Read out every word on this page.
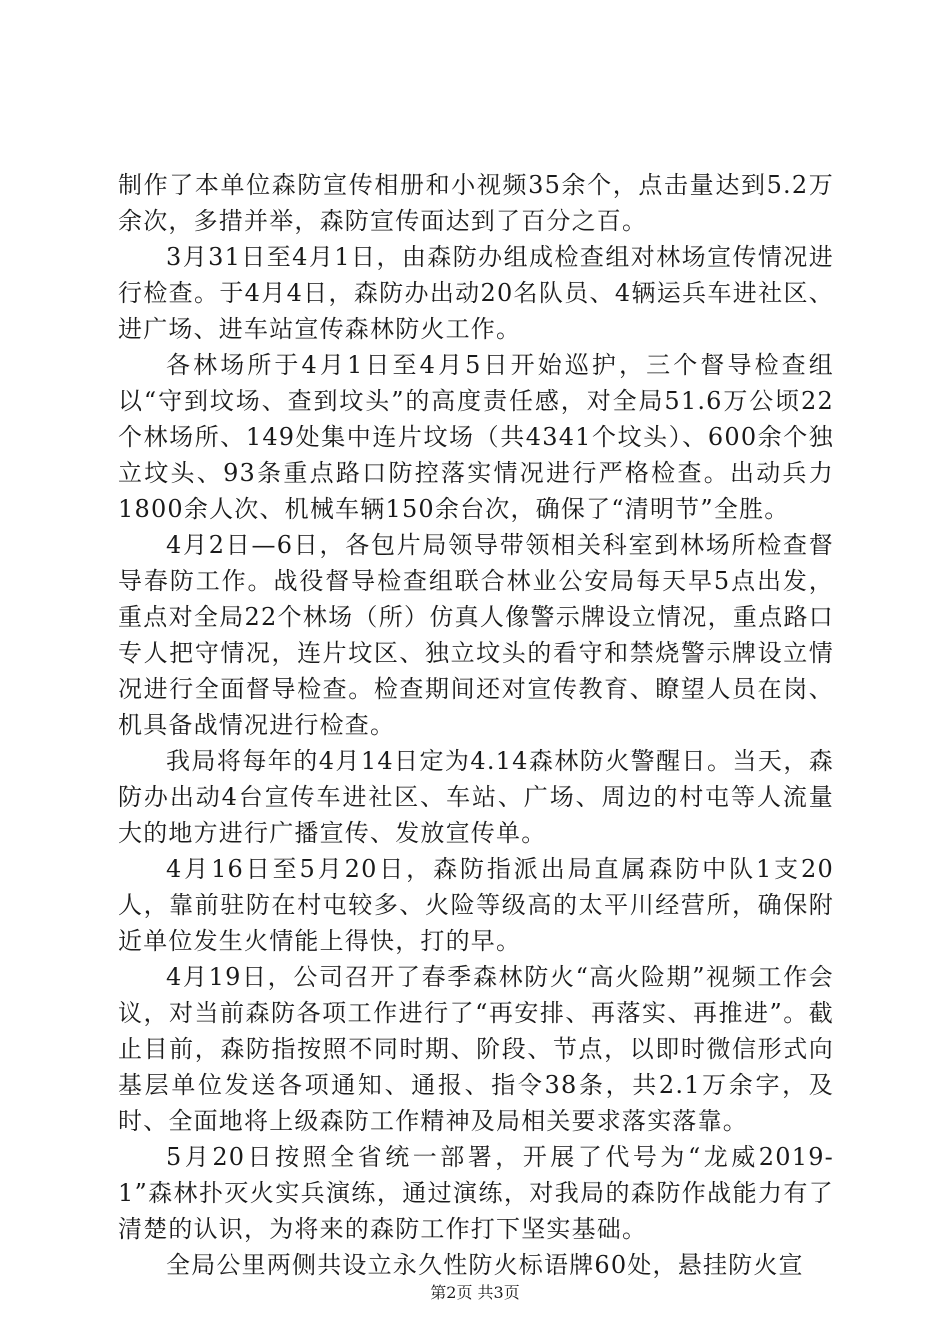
制作了本单位森防宣传相册和小视频35余个，点击量达到5.2万余次，多措并举，森防宣传面达到了百分之百。

3月31日至4月1日，由森防办组成检查组对林场宣传情况进行检查。于4月4日，森防办出动20名队员、4辆运兵车进社区、进广场、进车站宣传森林防火工作。

各林场所于4月1日至4月5日开始巡护，三个督导检查组以“守到坟场、查到坟头”的高度责任感，对全局51.6万公顷22个林场所、149处集中连片坟场（共4341个坟头）、600余个独立坟头、93条重点路口防控落实情况进行严格检查。出动兵力1800余人次、机械车辆150余台次，确保了“清明节”全胜。

4月2日—6日，各包片局领导带领相关科室到林场所检查督导春防工作。战役督导检查组联合林业公安局每天早5点出发，重点对全局22个林场（所）仿真人像警示牌设立情况，重点路口专人把守情况，连片坟区、独立坟头的看守和禁烧警示牌设立情况进行全面督导检查。检查期间还对宣传教育、瞭望人员在岗、机具备战情况进行检查。

我局将每年的4月14日定为4.14森林防火警醒日。当天，森防办出动4台宣传车进社区、车站、广场、周边的村屯等人流量大的地方进行广播宣传、发放宣传单。

4月16日至5月20日，森防指派出局直属森防中队1支20人，靠前驻防在村屯较多、火险等级高的太平川经营所，确保附近单位发生火情能上得快，打的早。

4月19日，公司召开了春季森林防火“高火险期”视频工作会议，对当前森防各项工作进行了“再安排、再落实、再推进”。截止目前，森防指按照不同时期、阶段、节点，以即时微信形式向基层单位发送各项通知、通报、指令38条，共2.1万余字，及时、全面地将上级森防工作精神及局相关要求落实落靠。

5月20日按照全省统一部署，开展了代号为“龙威2019-1”森林扑灭火实兵演练，通过演练，对我局的森防作战能力有了清楚的认识，为将来的森防工作打下坚实基础。

全局公里两侧共设立永久性防火标语牌60处，悬挂防火宣

第2页 共3页
